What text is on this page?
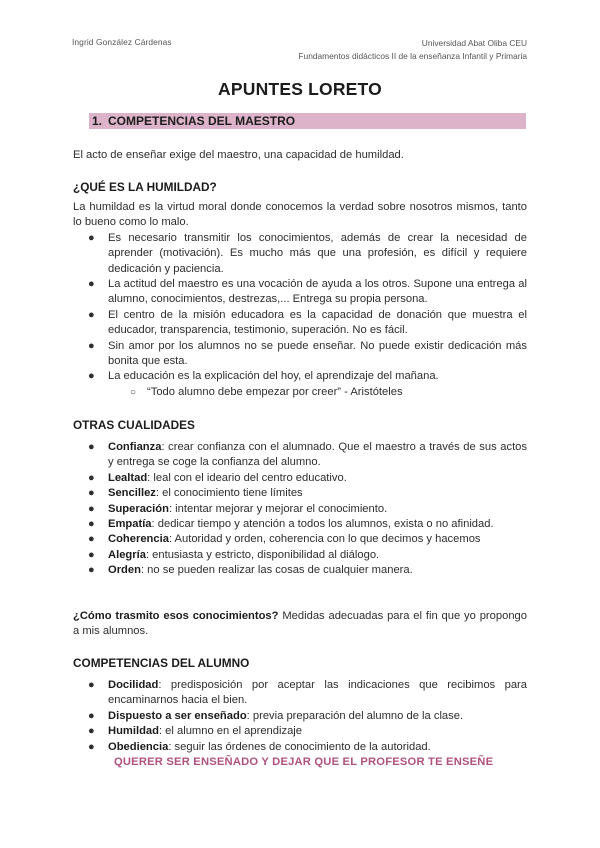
Ingrid González Cárdenas	Universidad Abat Oliba CEU
Fundamentos didácticos II de la enseñanza Infantil y Primaria
APUNTES LORETO
1. COMPETENCIAS DEL MAESTRO
El acto de enseñar exige del maestro, una capacidad de humildad.
¿QUÉ ES LA HUMILDAD?
La humildad es la virtud moral donde conocemos la verdad sobre nosotros mismos, tanto lo bueno como lo malo.
● Es necesario transmitir los conocimientos, además de crear la necesidad de aprender (motivación). Es mucho más que una profesión, es difícil y requiere dedicación y paciencia.
● La actitud del maestro es una vocación de ayuda a los otros. Supone una entrega al alumno, conocimientos, destrezas,... Entrega su propia persona.
● El centro de la misión educadora es la capacidad de donación que muestra el educador, transparencia, testimonio, superación. No es fácil.
● Sin amor por los alumnos no se puede enseñar. No puede existir dedicación más bonita que esta.
● La educación es la explicación del hoy, el aprendizaje del mañana.
○ “Todo alumno debe empezar por creer” - Aristóteles
OTRAS CUALIDADES
● Confianza: crear confianza con el alumnado. Que el maestro a través de sus actos y entrega se coge la confianza del alumno.
● Lealtad: leal con el ideario del centro educativo.
● Sencillez: el conocimiento tiene límites
● Superación: intentar mejorar y mejorar el conocimiento.
● Empatía: dedicar tiempo y atención a todos los alumnos, exista o no afinidad.
● Coherencia: Autoridad y orden, coherencia con lo que decimos y hacemos
● Alegría: entusiasta y estricto, disponibilidad al diálogo.
● Orden: no se pueden realizar las cosas de cualquier manera.
¿Cómo trasmito esos conocimientos? Medidas adecuadas para el fin que yo propongo a mis alumnos.
COMPETENCIAS DEL ALUMNO
● Docilidad: predisposición por aceptar las indicaciones que recibimos para encaminarnos hacia el bien.
● Dispuesto a ser enseñado: previa preparación del alumno de la clase.
● Humildad: el alumno en el aprendizaje
● Obediencia: seguir las órdenes de conocimiento de la autoridad.
QUERER SER ENSEÑADO Y DEJAR QUE EL PROFESOR TE ENSEÑE
